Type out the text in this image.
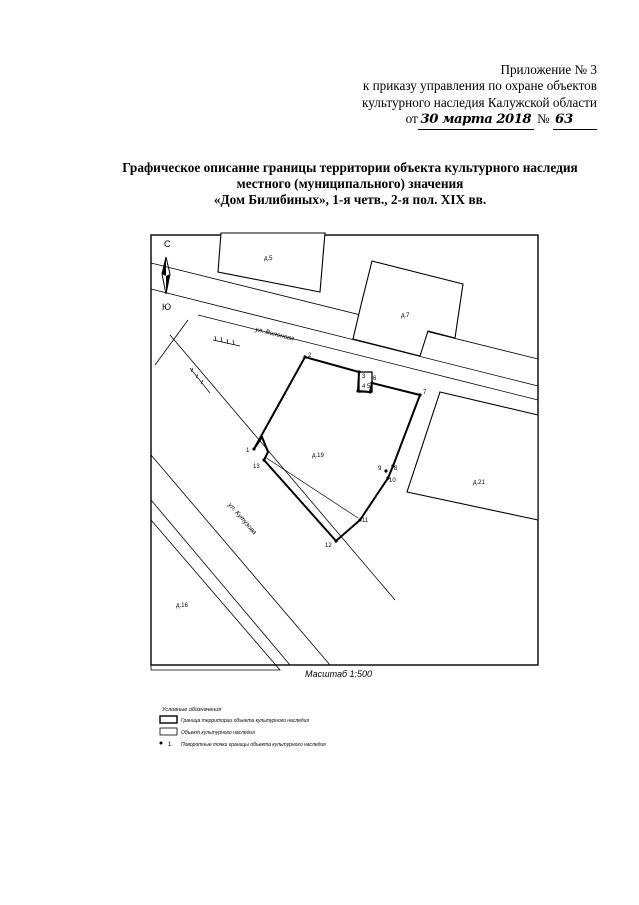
Приложение № 3
к приказу управления по охране объектов
культурного наследия Калужской области
от 30 марта 2018 № 63
Графическое описание границы территории объекта культурного наследия
местного (муниципального) значения
«Дом Билибиных», 1-я четв., 2-я пол. XIX вв.
С
Ю
1
2
3
4 5
6
7
8
9
10
11
12
13
д.5
д.7
д.19
д.21
д.16
ул. Вилонова
ул. Кутузова
Масштаб 1:500
Условные обозначения
Граница территории объекта культурного наследия
Объект культурного наследия
1 Поворотные точки границы объекта культурного наследия
